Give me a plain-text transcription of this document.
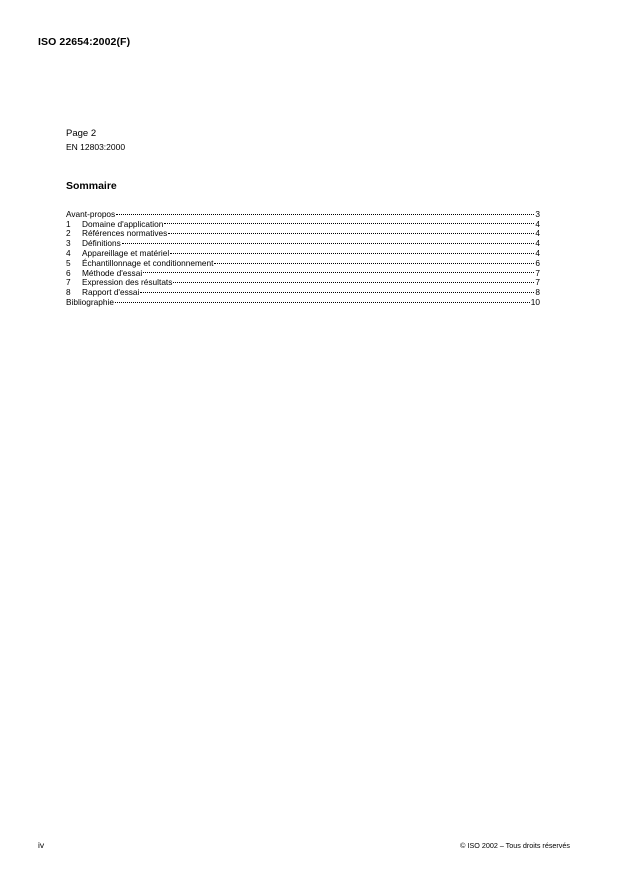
ISO 22654:2002(F)
Page 2
EN 12803:2000
Sommaire
Avant-propos	3
1	Domaine d'application	4
2	Références normatives	4
3	Définitions	4
4	Appareillage et matériel	4
5	Échantillonnage et conditionnement	6
6	Méthode d'essai	7
7	Expression des résultats	7
8	Rapport d'essai	8
Bibliographie	10
iv	© ISO 2002 – Tous droits réservés
